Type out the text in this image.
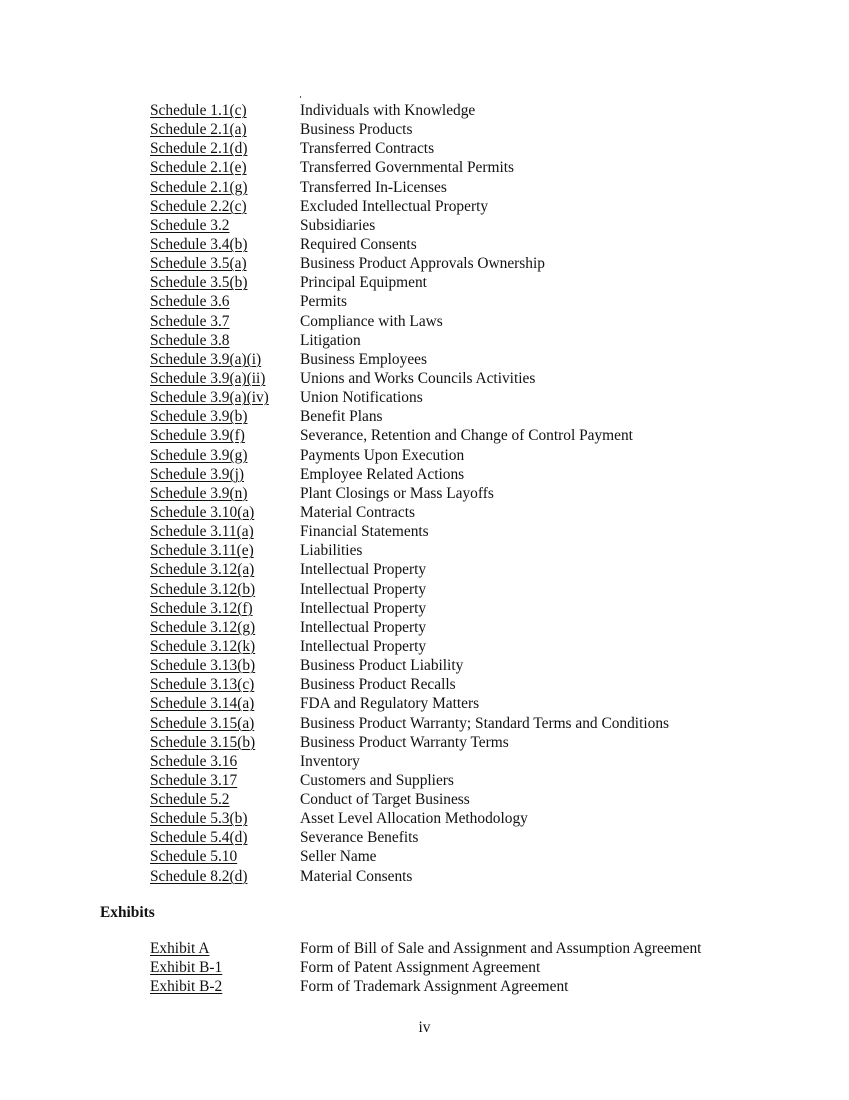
Schedule 1.1(c)	Individuals with Knowledge
Schedule 2.1(a)	Business Products
Schedule 2.1(d)	Transferred Contracts
Schedule 2.1(e)	Transferred Governmental Permits
Schedule 2.1(g)	Transferred In-Licenses
Schedule 2.2(c)	Excluded Intellectual Property
Schedule 3.2	Subsidiaries
Schedule 3.4(b)	Required Consents
Schedule 3.5(a)	Business Product Approvals Ownership
Schedule 3.5(b)	Principal Equipment
Schedule 3.6	Permits
Schedule 3.7	Compliance with Laws
Schedule 3.8	Litigation
Schedule 3.9(a)(i)	Business Employees
Schedule 3.9(a)(ii)	Unions and Works Councils Activities
Schedule 3.9(a)(iv)	Union Notifications
Schedule 3.9(b)	Benefit Plans
Schedule 3.9(f)	Severance, Retention and Change of Control Payment
Schedule 3.9(g)	Payments Upon Execution
Schedule 3.9(j)	Employee Related Actions
Schedule 3.9(n)	Plant Closings or Mass Layoffs
Schedule 3.10(a)	Material Contracts
Schedule 3.11(a)	Financial Statements
Schedule 3.11(e)	Liabilities
Schedule 3.12(a)	Intellectual Property
Schedule 3.12(b)	Intellectual Property
Schedule 3.12(f)	Intellectual Property
Schedule 3.12(g)	Intellectual Property
Schedule 3.12(k)	Intellectual Property
Schedule 3.13(b)	Business Product Liability
Schedule 3.13(c)	Business Product Recalls
Schedule 3.14(a)	FDA and Regulatory Matters
Schedule 3.15(a)	Business Product Warranty; Standard Terms and Conditions
Schedule 3.15(b)	Business Product Warranty Terms
Schedule 3.16	Inventory
Schedule 3.17	Customers and Suppliers
Schedule 5.2	Conduct of Target Business
Schedule 5.3(b)	Asset Level Allocation Methodology
Schedule 5.4(d)	Severance Benefits
Schedule 5.10	Seller Name
Schedule 8.2(d)	Material Consents
Exhibits
Exhibit A	Form of Bill of Sale and Assignment and Assumption Agreement
Exhibit B-1	Form of Patent Assignment Agreement
Exhibit B-2	Form of Trademark Assignment Agreement
iv
